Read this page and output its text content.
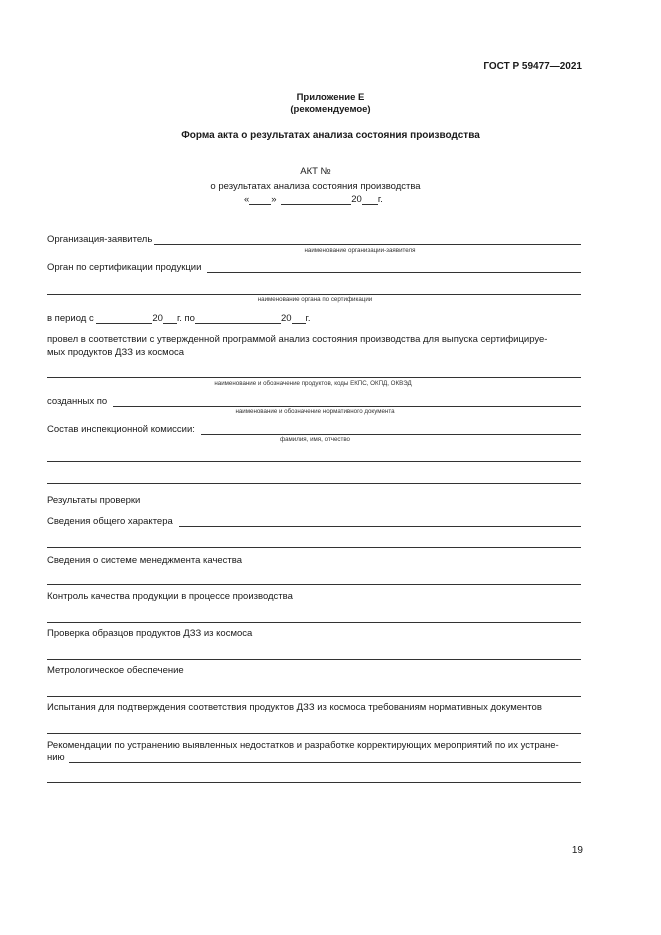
ГОСТ Р 59477—2021
Приложение Е
(рекомендуемое)
Форма акта о результатах анализа состояния производства
АКТ №
о результатах анализа состояния производства
« »	20 г.
Организация-заявитель
наименование организации-заявителя
Орган по сертификации продукции
наименование органа по сертификации
в период с	20 г. по	20 г.
провел в соответствии с утвержденной программой анализ состояния производства для выпуска сертифицируе-
мых продуктов ДЗЗ из космоса
наименование и обозначение продуктов, коды ЕКПС, ОКПД, ОКВЭД
созданных по
наименование и обозначение нормативного документа
Состав инспекционной комиссии:
фамилия, имя, отчество
Результаты проверки
Сведения общего характера
Сведения о системе менеджмента качества
Контроль качества продукции в процессе производства
Проверка образцов продуктов ДЗЗ из космоса
Метрологическое обеспечение
Испытания для подтверждения соответствия продуктов ДЗЗ из космоса требованиям нормативных документов
Рекомендации по устранению выявленных недостатков и разработке корректирующих мероприятий по их устране-
нию
19
